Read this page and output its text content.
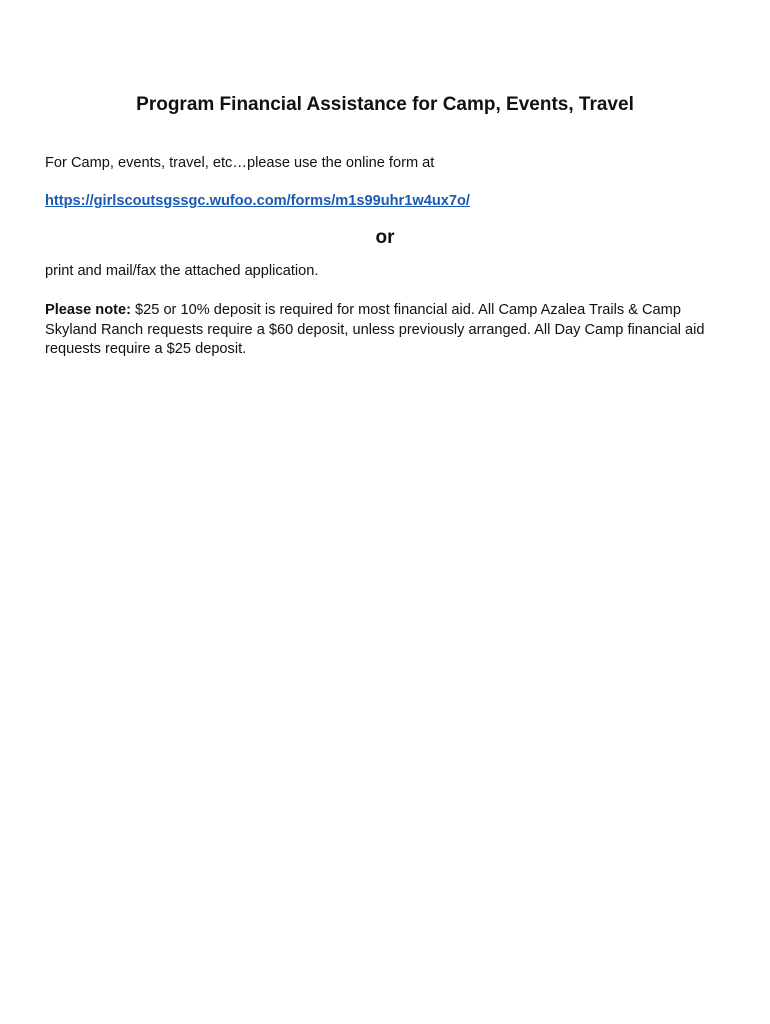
Program Financial Assistance for Camp, Events, Travel
For Camp, events, travel, etc…please use the online form at
https://girlscoutsgssgc.wufoo.com/forms/m1s99uhr1w4ux7o/
or
print and mail/fax the attached application.
Please note: $25 or 10% deposit is required for most financial aid. All Camp Azalea Trails & Camp Skyland Ranch requests require a $60 deposit, unless previously arranged. All Day Camp financial aid requests require a $25 deposit.
